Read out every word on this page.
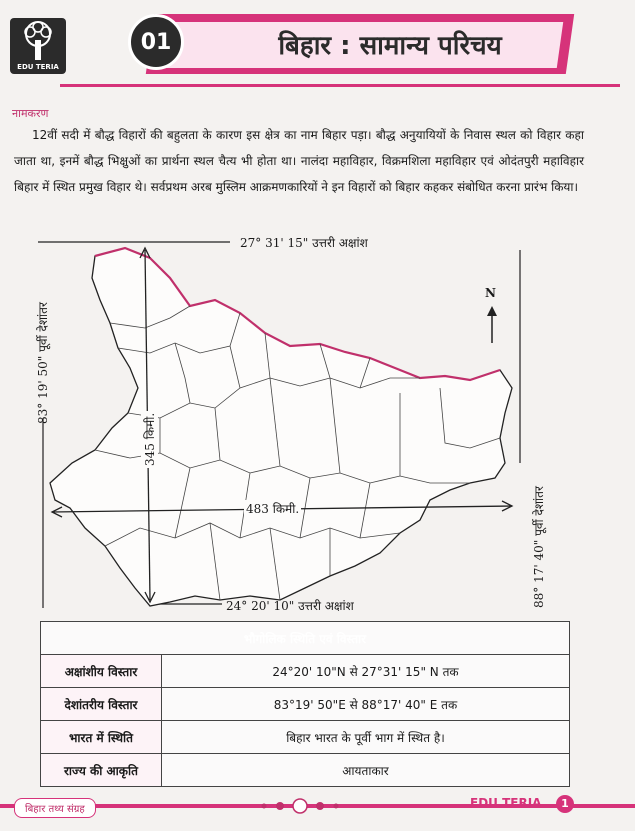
EDU TERIA
01	बिहार : सामान्य परिचय
नामकरण
12वीं सदी में बौद्ध विहारों की बहुलता के कारण इस क्षेत्र का नाम बिहार पड़ा। बौद्ध अनुयायियों के निवास स्थल को विहार कहा जाता था, इनमें बौद्ध भिक्षुओं का प्रार्थना स्थल चैत्य भी होता था। नालंदा महाविहार, विक्रमशिला महाविहार एवं ओदंतपुरी महाविहार बिहार में स्थित प्रमुख विहार थे। सर्वप्रथम अरब मुस्लिम आक्रमणकारियों ने इन विहारों को बिहार कहकर संबोधित करना प्रारंभ किया।
27° 31' 15" उत्तरी अक्षांश
24° 20' 10" उत्तरी अक्षांश
83° 19' 50" पूर्वी देशांतर
88° 17' 40" पूर्वी देशांतर
345 किमी.
483 किमी.
N
भौगोलिक स्थिति एवं विस्तार	
अक्षांशीय विस्तार	24°20' 10"N से 27°31' 15" N तक
देशांतरीय विस्तार	83°19' 50"E से 88°17' 40" E तक
भारत में स्थिति	बिहार भारत के पूर्वी भाग में स्थित है।
राज्य की आकृति	आयताकार
बिहार तथ्य संग्रह	EDU TERIA	1
